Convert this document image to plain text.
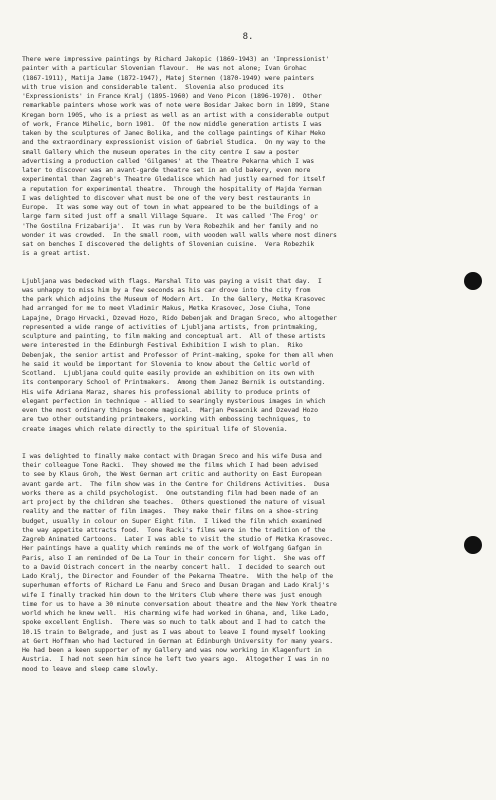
8.
There were impressive paintings by Richard Jakopic (1869-1943) an 'Impressionist'
painter with a particular Slovenian flavour.  He was not alone; Ivan Grohac
(1867-1911), Matija Jame (1872-1947), Matej Sternen (1870-1949) were painters
with true vision and considerable talent.  Slovenia also produced its
'Expressionists' in France Kralj (1895-1960) and Veno Picon (1896-1970).  Other
remarkable painters whose work was of note were Bosidar Jakec born in 1899, Stane
Kregan born 1905, who is a priest as well as an artist with a considerable output
of work, France Mihelic, born 1901.  Of the now middle generation artists I was
taken by the sculptures of Janec Bolika, and the collage paintings of Kihar Meko
and the extraordinary expressionist vision of Gabriel Studica.  On my way to the
small Gallery which the museum operates in the city centre I saw a poster
advertising a production called 'Gilgames' at the Theatre Pekarna which I was
later to discover was an avant-garde theatre set in an old bakery, even more
experimental than Zagreb's Theatre Gledalisce which had justly earned for itself
a reputation for experimental theatre.  Through the hospitality of Majda Yerman
I was delighted to discover what must be one of the very best restaurants in
Europe.  It was some way out of town in what appeared to be the buildings of a
large farm sited just off a small Village Square.  It was called 'The Frog' or
'The Gostilna Frizabarija'.  It was run by Vera Robezhik and her family and no
wonder it was crowded.  In the small room, with wooden wall walls where most diners
sat on benches I discovered the delights of Slovenian cuisine.  Vera Robezhik
is a great artist.
Ljubljana was bedecked with flags. Marshal Tito was paying a visit that day.  I
was unhappy to miss him by a few seconds as his car drove into the city from
the park which adjoins the Museum of Modern Art.  In the Gallery, Metka Krasovec
had arranged for me to meet Vladimir Makus, Metka Krasovec, Jose Ciuha, Tone
Lapajne, Drago Hrvacki, Dzevad Hozo, Rido Debenjak and Dragan Sreco, who altogether
represented a wide range of activities of Ljubljana artists, from printmaking,
sculpture and painting, to film making and conceptual art.  All of these artists
were interested in the Edinburgh Festival Exhibition I wish to plan.  Riko
Debenjak, the senior artist and Professor of Print-making, spoke for them all when
he said it would be important for Slovenia to know about the Celtic world of
Scotland.  Ljubljana could quite easily provide an exhibition on its own with
its contemporary School of Printmakers.  Among them Janez Bernik is outstanding.
His wife Adriana Maraz, shares his professional ability to produce prints of
elegant perfection in technique - allied to searingly mysterious images in which
even the most ordinary things become magical.  Marjan Pesacnik and Dzevad Hozo
are two other outstanding printmakers, working with embossing techniques, to
create images which relate directly to the spiritual life of Slovenia.
I was delighted to finally make contact with Dragan Sreco and his wife Dusa and
their colleague Tone Racki.  They showed me the films which I had been advised
to see by Klaus Groh, the West German art critic and authority on East European
avant garde art.  The film show was in the Centre for Childrens Activities.  Dusa
works there as a child psychologist.  One outstanding film had been made of an
art project by the children she teaches.  Others questioned the nature of visual
reality and the matter of film images.  They make their films on a shoe-string
budget, usually in colour on Super Eight film.  I liked the film which examined
the way appetite attracts food.  Tone Racki's films were in the tradition of the
Zagreb Animated Cartoons.  Later I was able to visit the studio of Metka Krasovec.
Her paintings have a quality which reminds me of the work of Wolfgang Gafgan in
Paris, also I am reminded of De La Tour in their concern for light.  She was off
to a David Oistrach concert in the nearby concert hall.  I decided to search out
Lado Kralj, the Director and Founder of the Pekarna Theatre.  With the help of the
superhuman efforts of Richard Le Fanu and Sreco and Dusan Dragan and Lado Kralj's
wife I finally tracked him down to the Writers Club where there was just enough
time for us to have a 30 minute conversation about theatre and the New York theatre
world which he knew well.  His charming wife had worked in Ghana, and, like Lado,
spoke excellent English.  There was so much to talk about and I had to catch the
10.15 train to Belgrade, and just as I was about to leave I found myself looking
at Gert Hoffman who had lectured in German at Edinburgh University for many years.
He had been a keen supporter of my Gallery and was now working in Klagenfurt in
Austria.  I had not seen him since he left two years ago.  Altogether I was in no
mood to leave and sleep came slowly.
